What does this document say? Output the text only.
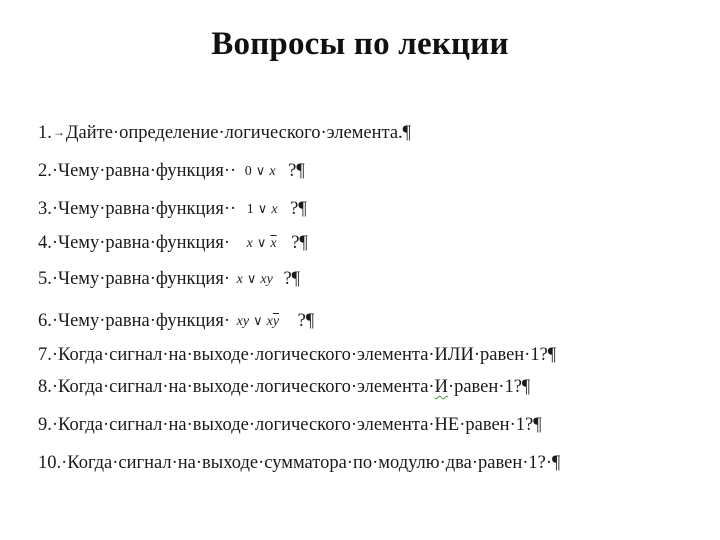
Вопросы по лекции
1.→Дайте·определение·логического·элемента.¶
2.·Чему·равна·функция·· 0 ∨ x ?¶
3.·Чему·равна·функция·· 1 ∨ x ?¶
4.·Чему·равна·функция· x ∨ $\overline{x}$ ?¶
5.·Чему·равна·функция· x ∨ xy ?¶
6.·Чему·равна·функция· xy ∨ $x\overline{y}$ ?¶
7.·Когда·сигнал·на·выходе·логического·элемента·ИЛИ·равен·1?¶
8.·Когда·сигнал·на·выходе·логического·элемента·И·равен·1?¶
9.·Когда·сигнал·на·выходе·логического·элемента·НЕ·равен·1?¶
10.·Когда·сигнал·на·выходе·сумматора·по·модулю·два·равен·1?·¶
